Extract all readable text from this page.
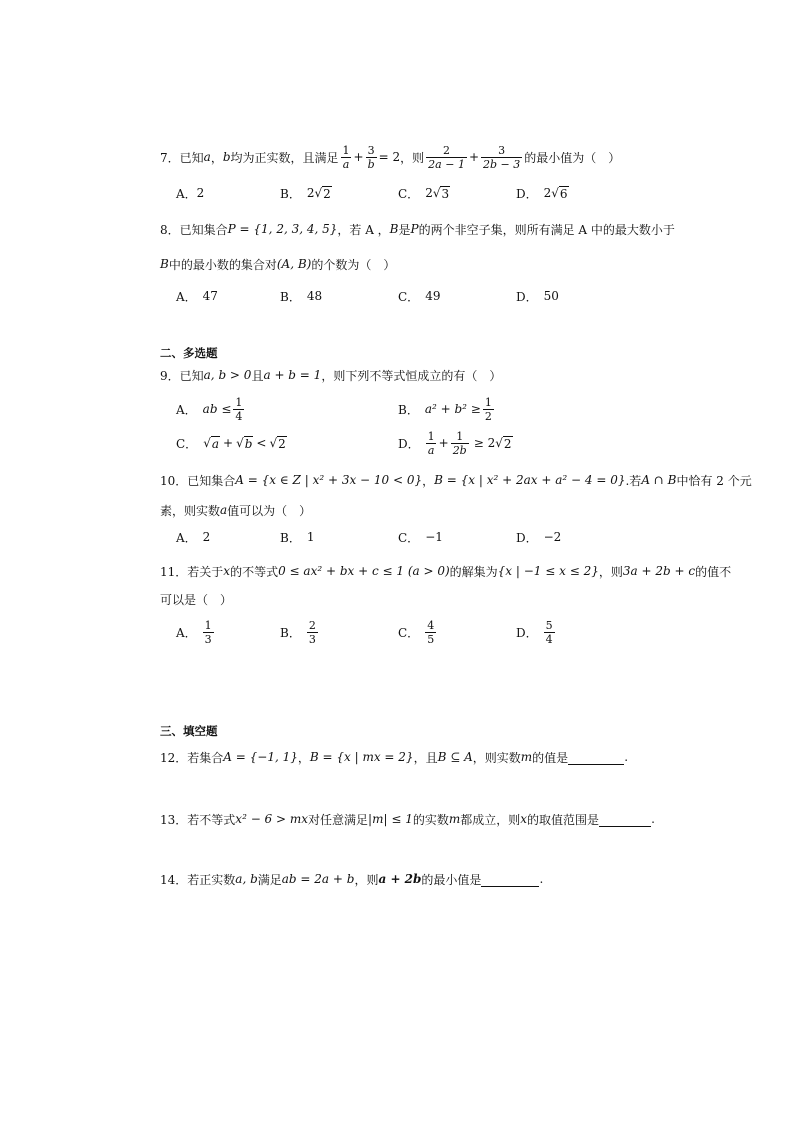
7． 已知 a ， b 均为正实数，且满足 $\frac{1}{a} + \frac{3}{b} = 2$ ，则 $\frac{2}{2a - 1} + \frac{3}{2b - 3}$ 的最小值为（　）
A． 2	B． 2 √ 2	C． 2 √ 3	D． 2 √ 6
8． 已知集合 P = {1, 2, 3, 4, 5} ，若 A ， B 是 P 的两个非空子集，则所有满足 A 中的最大数小于
B 中的最小数的集合对 (A, B) 的个数为（　）
A． 47	B． 48	C． 49	D． 50
二、多选题
9． 已知 a, b > 0 且 a + b = 1 ，则下列不等式恒成立的有（　）
A． ab ≤ $\frac{1}{4}$	B． $a^2 + b^2 \ge \frac{1}{2}$
C． √ a + √ b < √ 2	D． $\frac{1}{a} + \frac{1}{2b} \ge 2$ √ 2
10． 已知集合 A = {x ∈ Z | x² + 3x − 10 < 0} ， B = {x | x² + 2ax + a² − 4 = 0} .若 A ∩ B 中恰有 2 个元
素，则实数 a 值可以为（　）
A． 2	B． 1	C． −1	D． −2
11． 若关于 x 的不等式 0 ≤ ax² + bx + c ≤ 1 (a > 0) 的解集为 {x | −1 ≤ x ≤ 2} ，则 3a + 2b + c 的值不
可以是（　）
A． $\frac{1}{3}$	B． $\frac{2}{3}$	C． $\frac{4}{5}$	D． $\frac{5}{4}$
三、填空题
12． 若集合 A = {−1, 1} ， B = {x | mx = 2} ，且 B ⊆ A ，则实数 m 的值是	.
13． 若不等式 x² − 6 > mx 对任意满足 |m| ≤ 1 的实数 m 都成立，则 x 的取值范围是	.
14． 若正实数 a, b 满足 ab = 2a + b ，则 a + 2b 的最小值是	.
